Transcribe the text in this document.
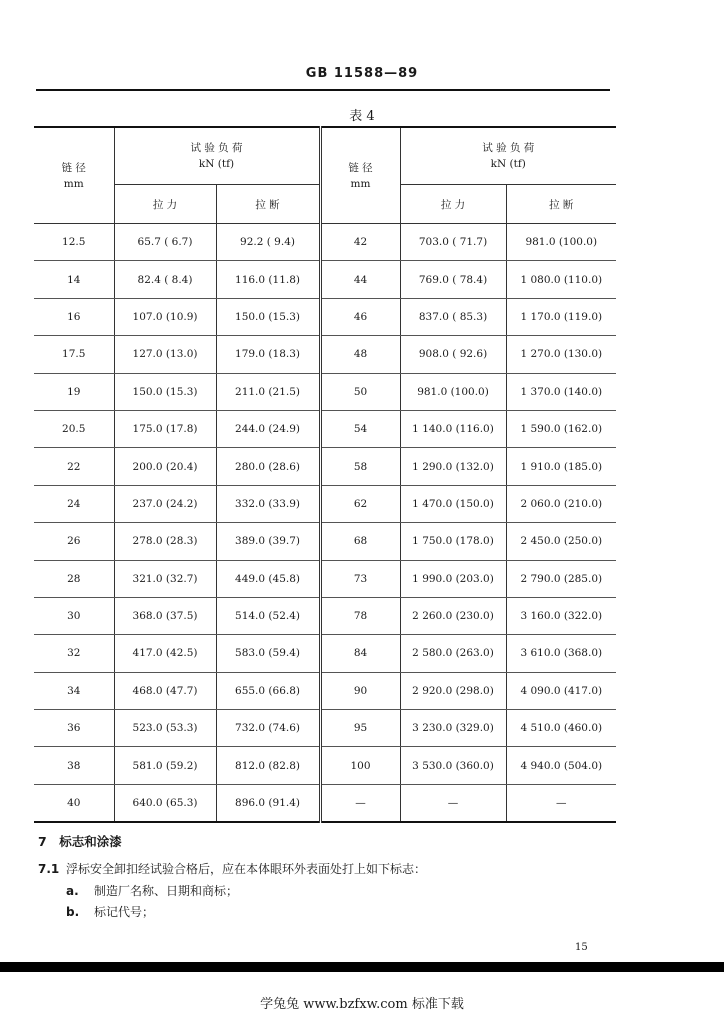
GB 11588—89
表 4
链 径
mm	试 验 负 荷
kN (tf)		链 径
mm	试 验 负 荷
kN (tf)	

	拉 力	拉 断		拉 力	拉 断
12.5	65.7 ( 6.7)	92.2 ( 9.4)	42	703.0 ( 71.7)	981.0 (100.0)
14	82.4 ( 8.4)	116.0 (11.8)	44	769.0 ( 78.4)	1 080.0 (110.0)
16	107.0 (10.9)	150.0 (15.3)	46	837.0 ( 85.3)	1 170.0 (119.0)
17.5	127.0 (13.0)	179.0 (18.3)	48	908.0 ( 92.6)	1 270.0 (130.0)
19	150.0 (15.3)	211.0 (21.5)	50	981.0 (100.0)	1 370.0 (140.0)
20.5	175.0 (17.8)	244.0 (24.9)	54	1 140.0 (116.0)	1 590.0 (162.0)
22	200.0 (20.4)	280.0 (28.6)	58	1 290.0 (132.0)	1 910.0 (185.0)
24	237.0 (24.2)	332.0 (33.9)	62	1 470.0 (150.0)	2 060.0 (210.0)
26	278.0 (28.3)	389.0 (39.7)	68	1 750.0 (178.0)	2 450.0 (250.0)
28	321.0 (32.7)	449.0 (45.8)	73	1 990.0 (203.0)	2 790.0 (285.0)
30	368.0 (37.5)	514.0 (52.4)	78	2 260.0 (230.0)	3 160.0 (322.0)
32	417.0 (42.5)	583.0 (59.4)	84	2 580.0 (263.0)	3 610.0 (368.0)
34	468.0 (47.7)	655.0 (66.8)	90	2 920.0 (298.0)	4 090.0 (417.0)
36	523.0 (53.3)	732.0 (74.6)	95	3 230.0 (329.0)	4 510.0 (460.0)
38	581.0 (59.2)	812.0 (82.8)	100	3 530.0 (360.0)	4 940.0 (504.0)
40	640.0 (65.3)	896.0 (91.4)	—	—	—
7　标志和涂漆
7.1 浮标安全卸扣经试验合格后，应在本体眼环外表面处打上如下标志：
a. 制造厂名称、日期和商标；
b. 标记代号；
15
学兔兔 www.bzfxw.com 标准下载
